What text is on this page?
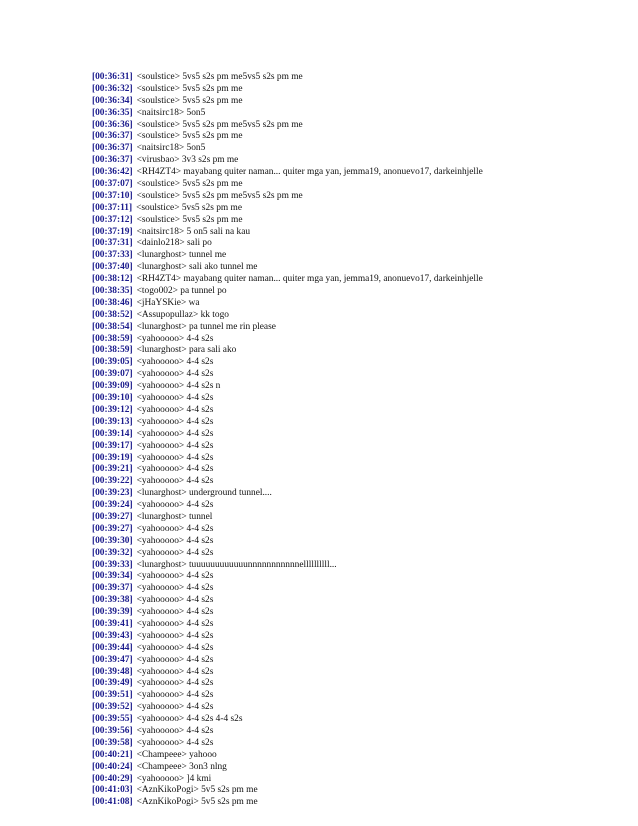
[00:36:31] <soulstice> 5vs5 s2s pm me5vs5 s2s pm me
[00:36:32] <soulstice> 5vs5 s2s pm me
[00:36:34] <soulstice> 5vs5 s2s pm me
[00:36:35] <naitsirc18> 5on5
[00:36:36] <soulstice> 5vs5 s2s pm me5vs5 s2s pm me
[00:36:37] <soulstice> 5vs5 s2s pm me
[00:36:37] <naitsirc18> 5on5
[00:36:37] <virusbao> 3v3 s2s pm me
[00:36:42] <RH4ZT4> mayabang quiter naman... quiter mga yan, jemma19, anonuevo17, darkeinhjelle
[00:37:07] <soulstice> 5vs5 s2s pm me
[00:37:10] <soulstice> 5vs5 s2s pm me5vs5 s2s pm me
[00:37:11] <soulstice> 5vs5 s2s pm me
[00:37:12] <soulstice> 5vs5 s2s pm me
[00:37:19] <naitsirc18> 5 on5 sali na kau
[00:37:31] <dainlo218> sali po
[00:37:33] <lunarghost> tunnel me
[00:37:40] <lunarghost> sali ako tunnel me
[00:38:12] <RH4ZT4> mayabang quiter naman... quiter mga yan, jemma19, anonuevo17, darkeinhjelle
[00:38:35] <togo002> pa tunnel po
[00:38:46] <jHaYSKie> wa
[00:38:52] <Assupopullaz> kk togo
[00:38:54] <lunarghost> pa tunnel me rin please
[00:38:59] <yahooooo> 4-4 s2s
[00:38:59] <lunarghost> para sali ako
[00:39:05] <yahooooo> 4-4 s2s
[00:39:07] <yahooooo> 4-4 s2s
[00:39:09] <yahooooo> 4-4 s2s n
[00:39:10] <yahooooo> 4-4 s2s
[00:39:12] <yahooooo> 4-4 s2s
[00:39:13] <yahooooo> 4-4 s2s
[00:39:14] <yahooooo> 4-4 s2s
[00:39:17] <yahooooo> 4-4 s2s
[00:39:19] <yahooooo> 4-4 s2s
[00:39:21] <yahooooo> 4-4 s2s
[00:39:22] <yahooooo> 4-4 s2s
[00:39:23] <lunarghost> underground tunnel....
[00:39:24] <yahooooo> 4-4 s2s
[00:39:27] <lunarghost> tunnel
[00:39:27] <yahooooo> 4-4 s2s
[00:39:30] <yahooooo> 4-4 s2s
[00:39:32] <yahooooo> 4-4 s2s
[00:39:33] <lunarghost> tuuuuuuuuuuuunnnnnnnnnnnellllllllll...
[00:39:34] <yahooooo> 4-4 s2s
[00:39:37] <yahooooo> 4-4 s2s
[00:39:38] <yahooooo> 4-4 s2s
[00:39:39] <yahooooo> 4-4 s2s
[00:39:41] <yahooooo> 4-4 s2s
[00:39:43] <yahooooo> 4-4 s2s
[00:39:44] <yahooooo> 4-4 s2s
[00:39:47] <yahooooo> 4-4 s2s
[00:39:48] <yahooooo> 4-4 s2s
[00:39:49] <yahooooo> 4-4 s2s
[00:39:51] <yahooooo> 4-4 s2s
[00:39:52] <yahooooo> 4-4 s2s
[00:39:55] <yahooooo> 4-4 s2s 4-4 s2s
[00:39:56] <yahooooo> 4-4 s2s
[00:39:58] <yahooooo> 4-4 s2s
[00:40:21] <Champeee> yahooo
[00:40:24] <Champeee> 3on3 nlng
[00:40:29] <yahooooo> ]4 kmi
[00:41:03] <AznKikoPogi> 5v5 s2s pm me
[00:41:08] <AznKikoPogi> 5v5 s2s pm me
